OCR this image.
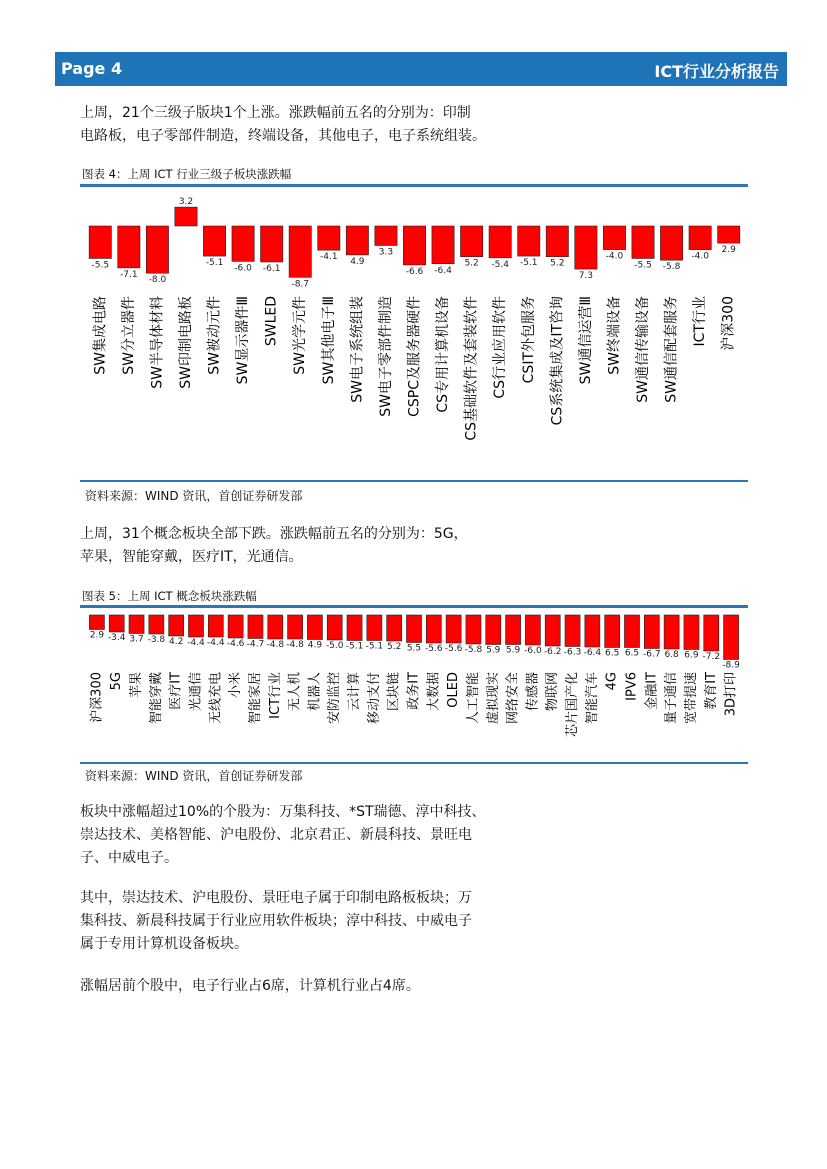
Page 4	ICT行业分析报告
上周，21个三级子版块1个上涨。涨跌幅前五名的分别为：印制
电路板，电子零部件制造，终端设备，其他电子，电子系统组装。
图表 4：上周 ICT 行业三级子板块涨跌幅
-5.5
SW集成电路
-7.1
SW分立器件
-8.0
SW半导体材料
3.2
SW印制电路板
-5.1
SW被动元件
-6.0
SW显示器件Ⅲ
-6.1
SWLED
-8.7
SW光学元件
-4.1
SW其他电子Ⅲ
4.9
SW电子系统组装
3.3
SW电子零部件制造
-6.6
CSPC及服务器硬件
-6.4
CS专用计算机设备
5.2
CS基础软件及套装软件
-5.4
CS行业应用软件
-5.1
CSIT外包服务
5.2
CS系统集成及IT咨询
7.3
SW通信运营Ⅲ
-4.0
SW终端设备
-5.5
SW通信传输设备
-5.8
SW通信配套服务
-4.0
ICT行业
2.9
沪深300
资料来源：WIND 资讯，首创证券研发部
上周，31个概念板块全部下跌。涨跌幅前五名的分别为：5G，
苹果，智能穿戴，医疗IT，光通信。
图表 5：上周 ICT 概念板块涨跌幅
2.9
沪深300
-3.4
5G
3.7
苹果
-3.8
智能穿戴
4.2
医疗IT
-4.4
光通信
-4.4
无线充电
-4.6
小米
-4.7
智能家居
-4.8
ICT行业
-4.8
无人机
4.9
机器人
-5.0
安防监控
-5.1
云计算
-5.1
移动支付
5.2
区块链
5.5
政务IT
-5.6
大数据
-5.6
OLED
-5.8
人工智能
5.9
虚拟现实
5.9
网络安全
-6.0
传感器
-6.2
物联网
-6.3
芯片国产化
-6.4
智能汽车
6.5
4G
6.5
IPV6
-6.7
金融IT
6.8
量子通信
6.9
宽带提速
-7.2
教育IT
-8.9
3D打印
资料来源：WIND 资讯，首创证券研发部
板块中涨幅超过10%的个股为：万集科技、*ST瑞德、淳中科技、
崇达技术、美格智能、沪电股份、北京君正、新晨科技、景旺电
子、中威电子。
其中，崇达技术、沪电股份、景旺电子属于印制电路板板块；万
集科技、新晨科技属于行业应用软件板块；淳中科技、中威电子
属于专用计算机设备板块。
涨幅居前个股中，电子行业占6席，计算机行业占4席。
